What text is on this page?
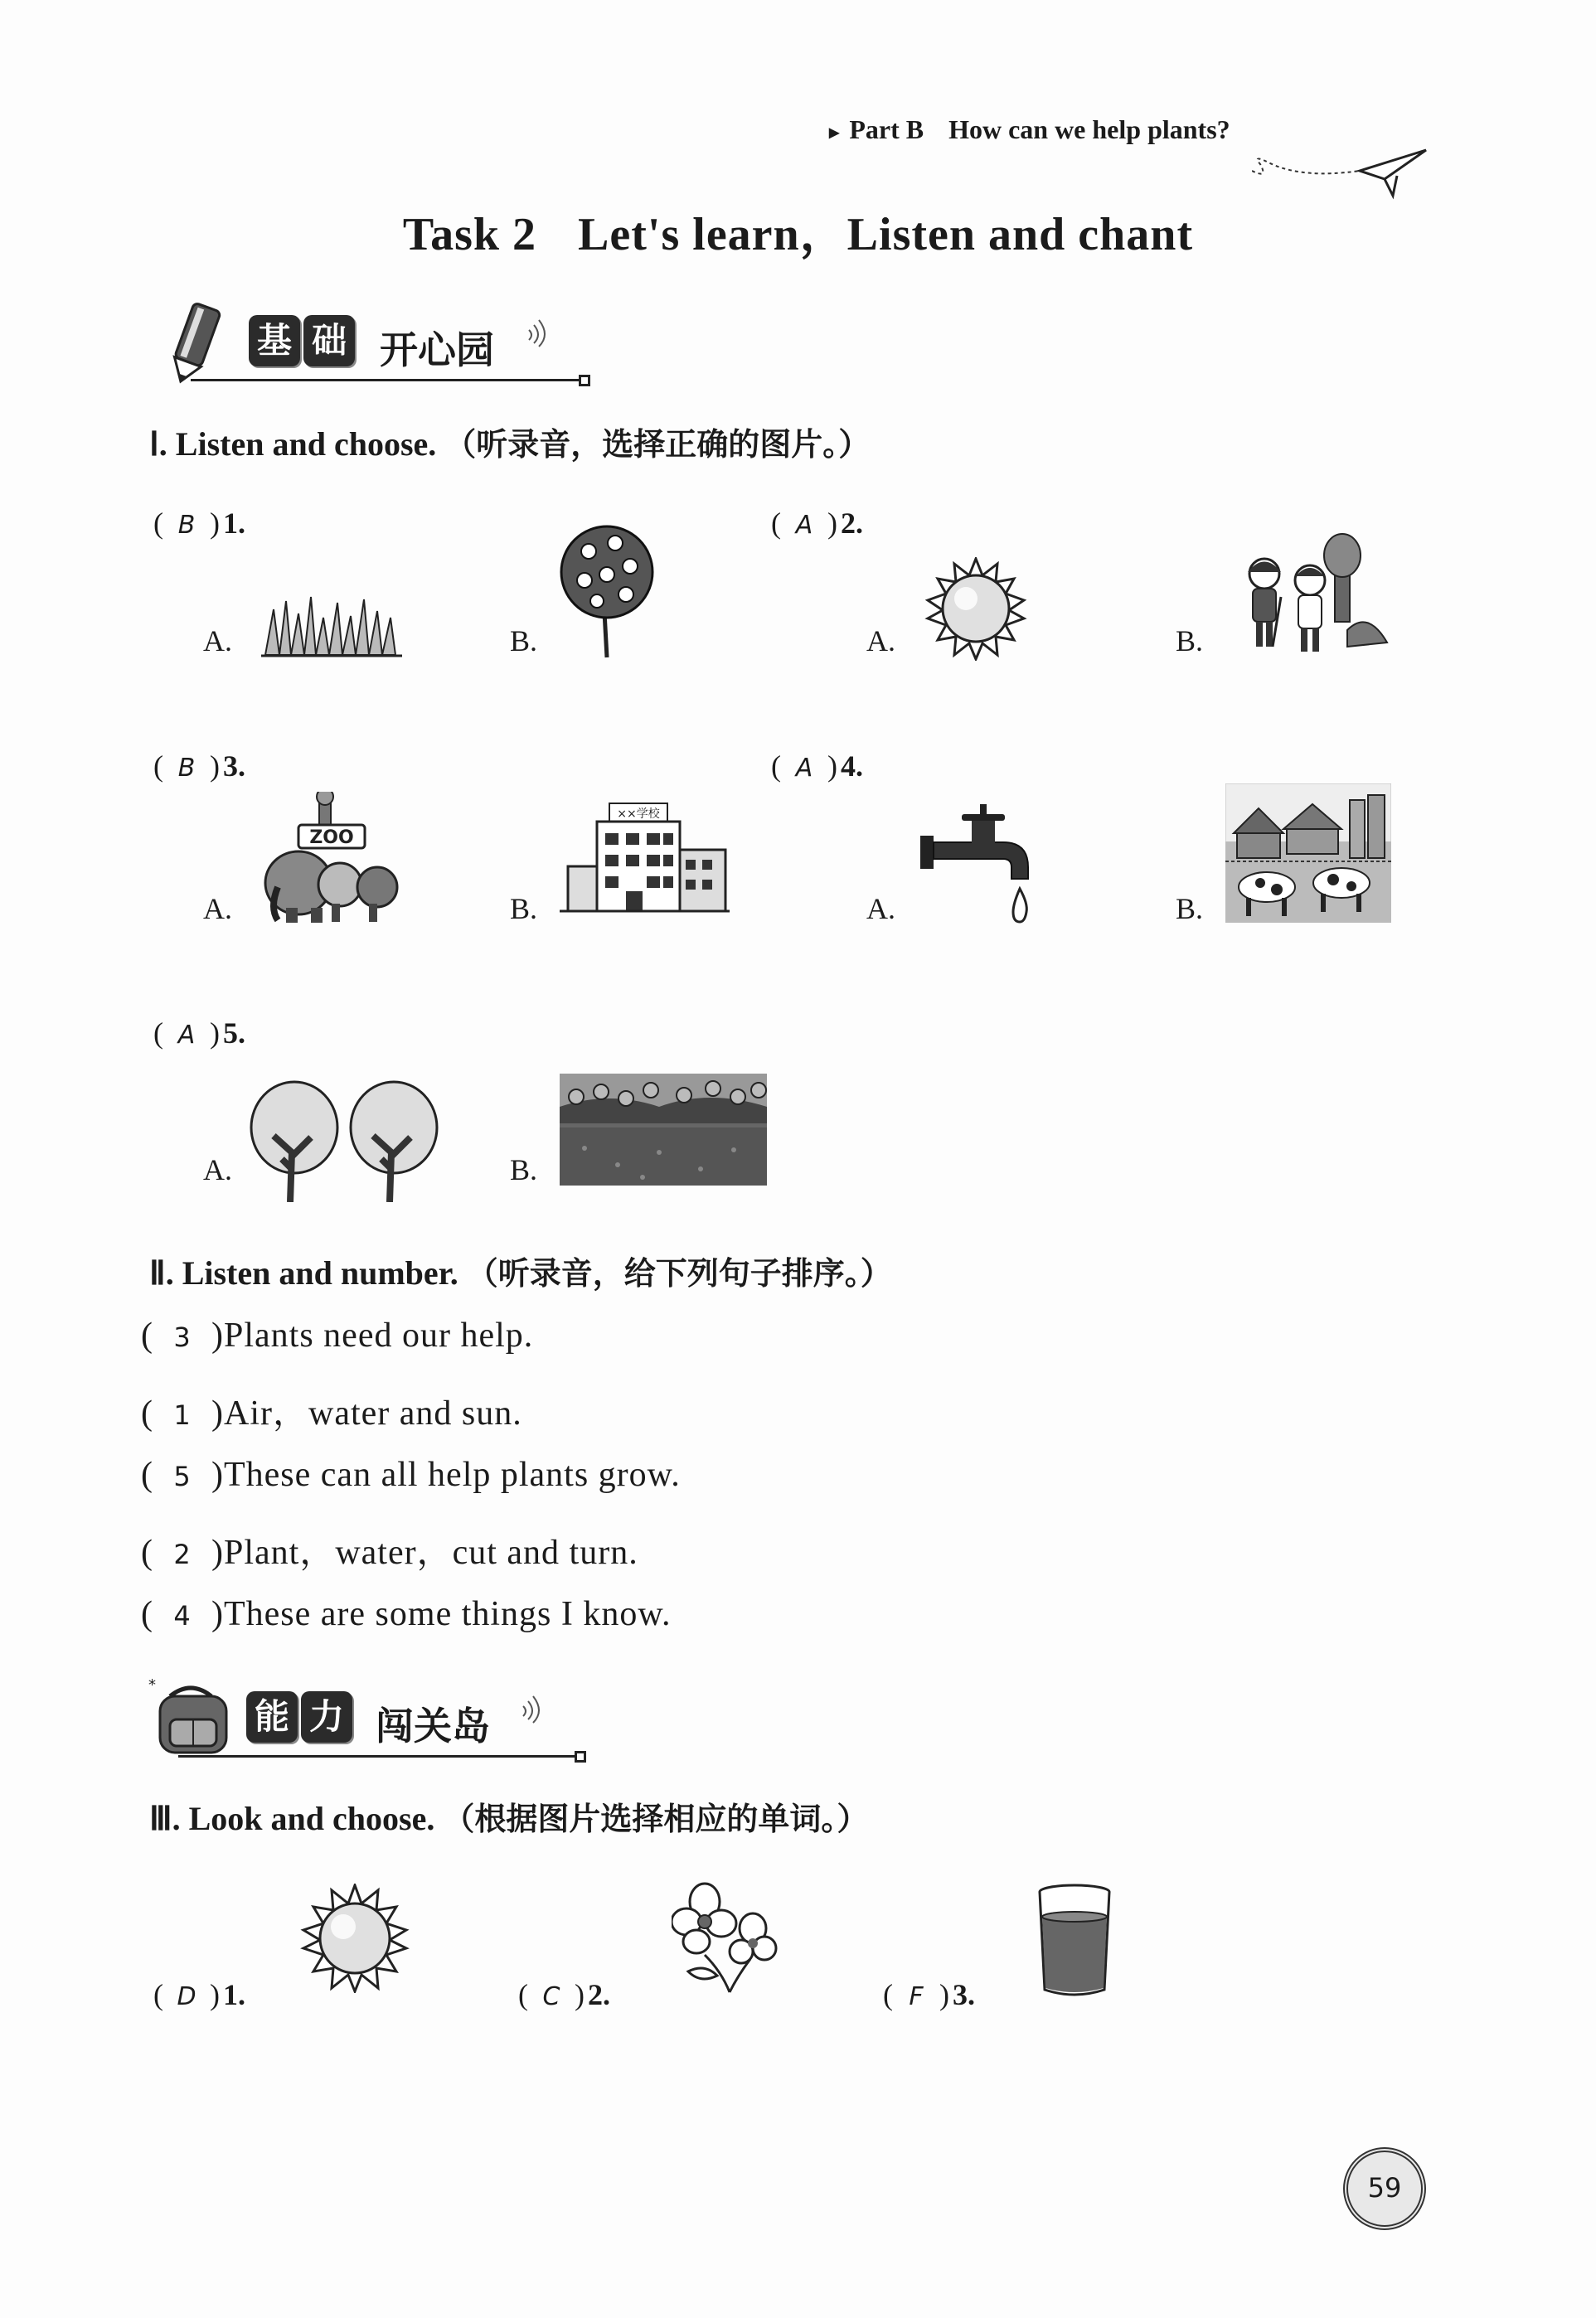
▶ Part B How can we help plants?
Task 2 Let's learn，Listen and chant
基 础 开心园
Ⅰ. Listen and choose. （听录音，选择正确的图片。）
( B ) 1.
A.	B.
( A ) 2.
A.	B.
( B ) 3.
A.
ZOO
B.
××学校
( A ) 4.
A.	B.
( A ) 5.
A.	B.
Ⅱ. Listen and number. （听录音，给下列句子排序。）
( 3 )Plants need our help.
( 1 )Air，water and sun.
( 5 )These can all help plants grow.
( 2 )Plant，water，cut and turn.
( 4 )These are some things I know.
*
能 力 闯关岛
Ⅲ. Look and choose. （根据图片选择相应的单词。）
( D ) 1.	( C ) 2.	( F ) 3.
59
